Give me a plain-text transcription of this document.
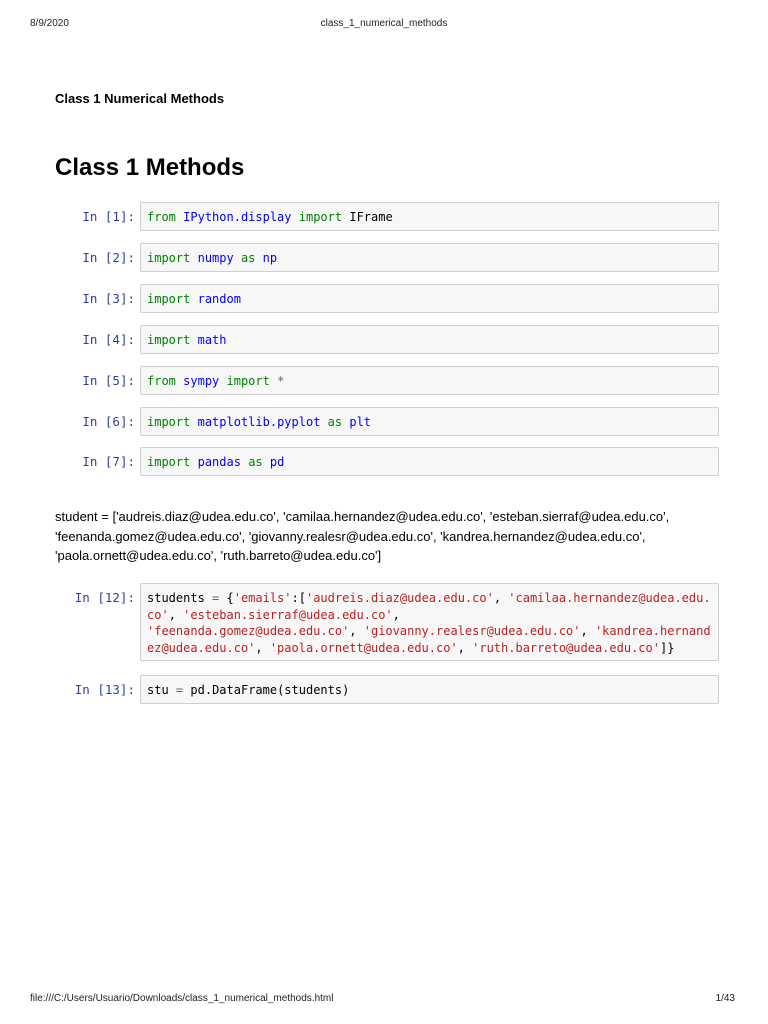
8/9/2020	class_1_numerical_methods
Class 1 Numerical Methods
Class 1 Methods
In [1]:	from IPython.display import IFrame
In [2]:	import numpy as np
In [3]:	import random
In [4]:	import math
In [5]:	from sympy import *
In [6]:	import matplotlib.pyplot as plt
In [7]:	import pandas as pd
student = ['audreis.diaz@udea.edu.co', 'camilaa.hernandez@udea.edu.co', 'esteban.sierraf@udea.edu.co',
'feenanda.gomez@udea.edu.co', 'giovanny.realesr@udea.edu.co', 'kandrea.hernandez@udea.edu.co',
'paola.ornett@udea.edu.co', 'ruth.barreto@udea.edu.co']
In [12]:	students = {'emails':['audreis.diaz@udea.edu.co', 'camilaa.hernandez@udea.edu.
co', 'esteban.sierraf@udea.edu.co',
'feenanda.gomez@udea.edu.co', 'giovanny.realesr@udea.edu.co', 'kandrea.hernand
ez@udea.edu.co', 'paola.ornett@udea.edu.co', 'ruth.barreto@udea.edu.co']}
In [13]:	stu = pd.DataFrame(students)
file:///C:/Users/Usuario/Downloads/class_1_numerical_methods.html	1/43
